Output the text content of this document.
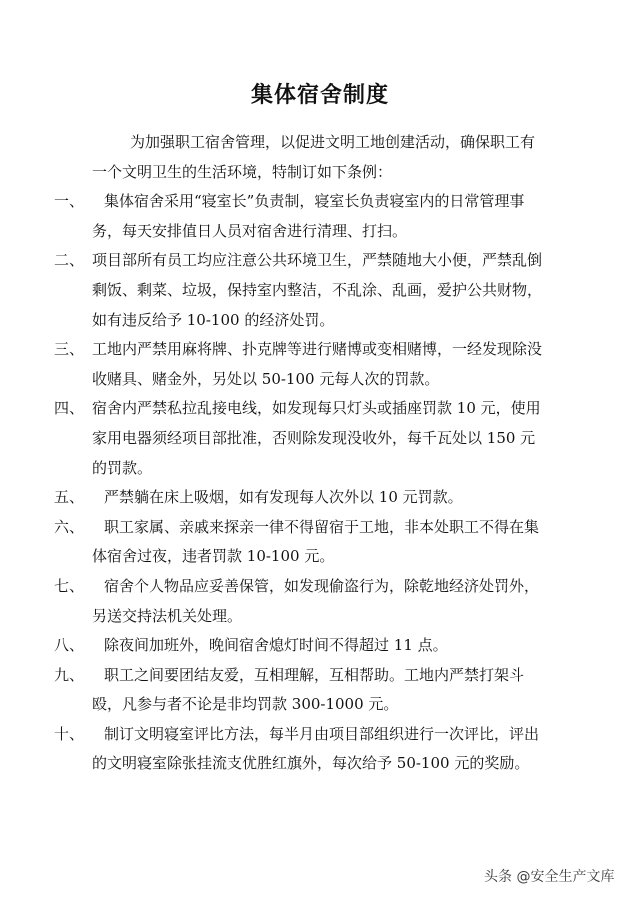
集体宿舍制度

为加强职工宿舍管理，以促进文明工地创建活动，确保职工有一个文明卫生的生活环境，特制订如下条例：

一、	集体宿舍采用“寝室长”负责制，寝室长负责寝室内的日常管理事务，每天安排值日人员对宿舍进行清理、打扫。

二、 项目部所有员工均应注意公共环境卫生，严禁随地大小便，严禁乱倒剩饭、剩菜、垃圾，保持室内整洁，不乱涂、乱画，爱护公共财物，如有违反给予 10-100 的经济处罚。

三、 工地内严禁用麻将牌、扑克牌等进行赌博或变相赌博，一经发现除没收赌具、赌金外，另处以 50-100 元每人次的罚款。

四、 宿舍内严禁私拉乱接电线，如发现每只灯头或插座罚款 10 元，使用家用电器须经项目部批准，否则除发现没收外，每千瓦处以 150 元的罚款。

五、	严禁躺在床上吸烟，如有发现每人次外以 10 元罚款。

六、	职工家属、亲戚来探亲一律不得留宿于工地，非本处职工不得在集体宿舍过夜，违者罚款 10-100 元。

七、	宿舍个人物品应妥善保管，如发现偷盗行为，除乾地经济处罚外，另送交持法机关处理。

八、	除夜间加班外，晚间宿舍熄灯时间不得超过 11 点。

九、	职工之间要团结友爱，互相理解，互相帮助。工地内严禁打架斗殴，凡参与者不论是非均罚款 300-1000 元。

十、	制订文明寝室评比方法，每半月由项目部组织进行一次评比，评出的文明寝室除张挂流支优胜红旗外，每次给予 50-100 元的奖励。

头条 @安全生产文库
